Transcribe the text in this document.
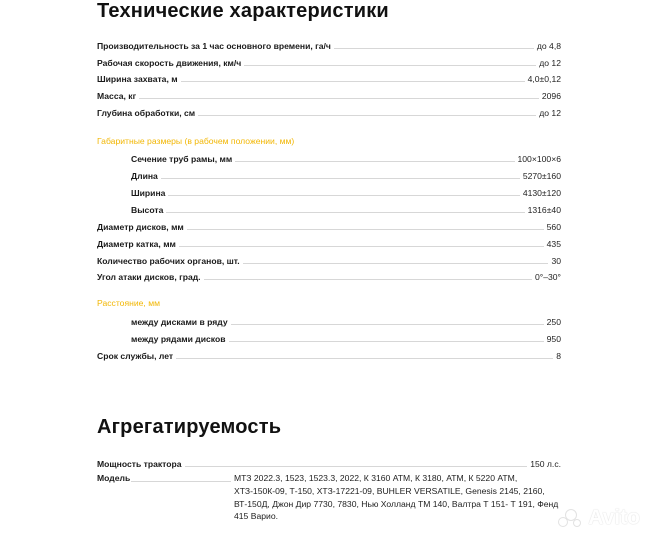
Технические характеристики
Производительность за 1 час основного времени, га/ч	до 4,8
Рабочая скорость движения, км/ч	до 12
Ширина захвата, м	4,0±0,12
Масса, кг	2096
Глубина обработки, см	до 12
Габаритные размеры (в рабочем положении, мм)
Сечение труб рамы, мм	100×100×6
Длина	5270±160
Ширина	4130±120
Высота	1316±40
Диаметр дисков, мм	560
Диаметр катка, мм	435
Количество рабочих органов, шт.	30
Угол атаки дисков, град.	0°–30°
Расстояние, мм
между дисками в ряду	250
между рядами дисков	950
Срок службы, лет	8
Агрегатируемость
Мощность трактора	150 л.с.
Модель	МТЗ 2022.3, 1523, 1523.3, 2022, К 3160 АТМ, К 3180, АТМ, К 5220 АТМ, ХТЗ-150К-09, Т-150, ХТЗ-17221-09, BUHLER VERSATILE, Genesis 2145, 2160, ВТ-150Д, Джон Дир 7730, 7830, Нью Холланд ТМ 140, Валтра Т 151- Т 191, Фенд 415 Варио.	Avito
